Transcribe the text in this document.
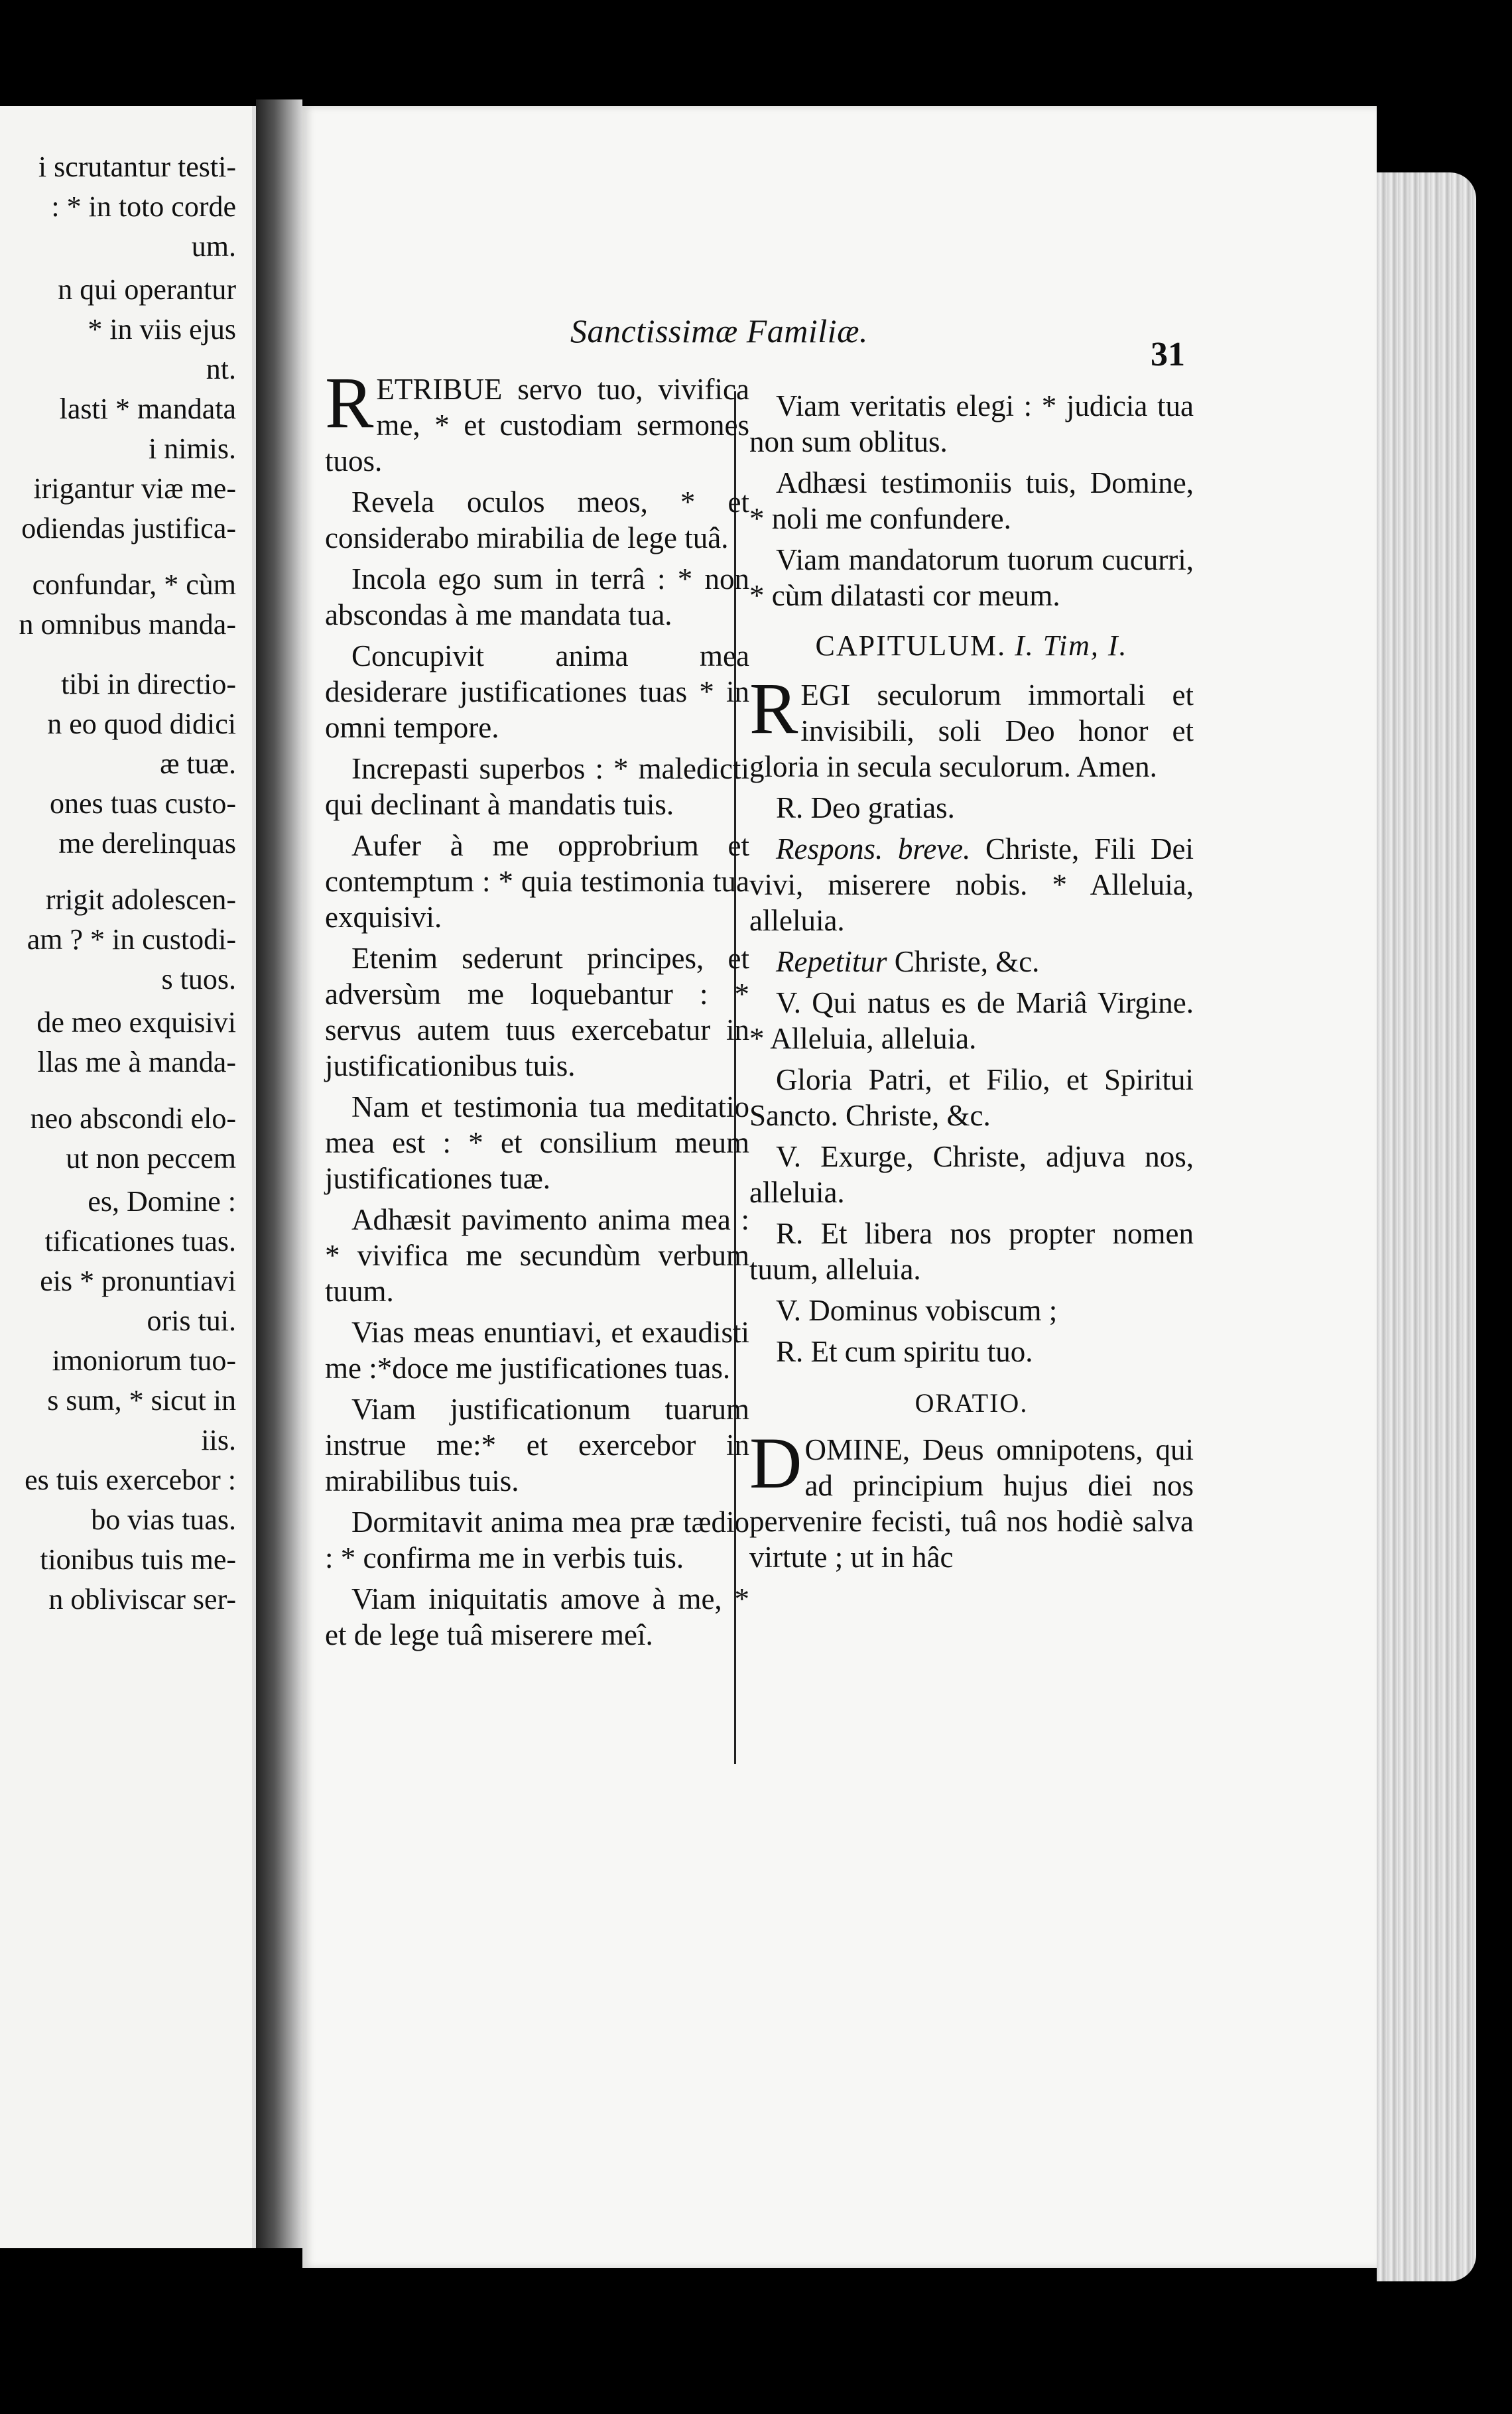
i scrutantur testi-
: * in toto corde
um.
n qui operantur
* in viis ejus
nt.
lasti * mandata
i nimis.
irigantur viæ me-
odiendas justifica-
confundar, * cùm
n omnibus manda-
tibi in directio-
n eo quod didici
æ tuæ.
ones tuas custo-
me derelinquas
rrigit adolescen-
am ? * in custodi-
s tuos.
de meo exquisivi
llas me à manda-
neo abscondi elo-
ut non peccem
es, Domine :
tificationes tuas.
eis * pronuntiavi
oris tui.
imoniorum tuo-
s sum, * sicut in
iis.
es tuis exercebor :
bo vias tuas.
tionibus tuis me-
n obliviscar ser-
Sanctissimæ Familiæ.
31

RETRIBUE servo tuo, vivifica me, * et custodiam sermones tuos.

Revela oculos meos, * et considerabo mirabilia de lege tuâ.

Incola ego sum in terrâ : * non abscondas à me mandata tua.

Concupivit anima mea desiderare justificationes tuas * in omni tempore.

Increpasti superbos : * maledicti qui declinant à mandatis tuis.

Aufer à me opprobrium et contemptum : * quia testimonia tua exquisivi.

Etenim sederunt principes, et adversùm me loquebantur : * servus autem tuus exercebatur in justificationibus tuis.

Nam et testimonia tua meditatio mea est : * et consilium meum justificationes tuæ.

Adhæsit pavimento anima mea : * vivifica me secundùm verbum tuum.

Vias meas enuntiavi, et exaudisti me :*doce me justificationes tuas.

Viam justificationum tuarum instrue me:* et exercebor in mirabilibus tuis.

Dormitavit anima mea præ tædio : * confirma me in verbis tuis.

Viam iniquitatis amove à me, * et de lege tuâ miserere meî.

Viam veritatis elegi : * judicia tua non sum oblitus.

Adhæsi testimoniis tuis, Domine, * noli me confundere.

Viam mandatorum tuorum cucurri, * cùm dilatasti cor meum.

CAPITULUM. I. Tim, I.

REGI seculorum immortali et invisibili, soli Deo honor et gloria in secula seculorum. Amen.

R. Deo gratias.

Respons. breve. Christe, Fili Dei vivi, miserere nobis. * Alleluia, alleluia.

Repetitur Christe, &c.

V. Qui natus es de Mariâ Virgine. * Alleluia, alleluia.

Gloria Patri, et Filio, et Spiritui Sancto. Christe, &c.

V. Exurge, Christe, adjuva nos, alleluia.

R. Et libera nos propter nomen tuum, alleluia.

V. Dominus vobiscum ;

R. Et cum spiritu tuo.

ORATIO.

DOMINE, Deus omnipotens, qui ad principium hujus diei nos pervenire fecisti, tuâ nos hodiè salva virtute ; ut in hâc
